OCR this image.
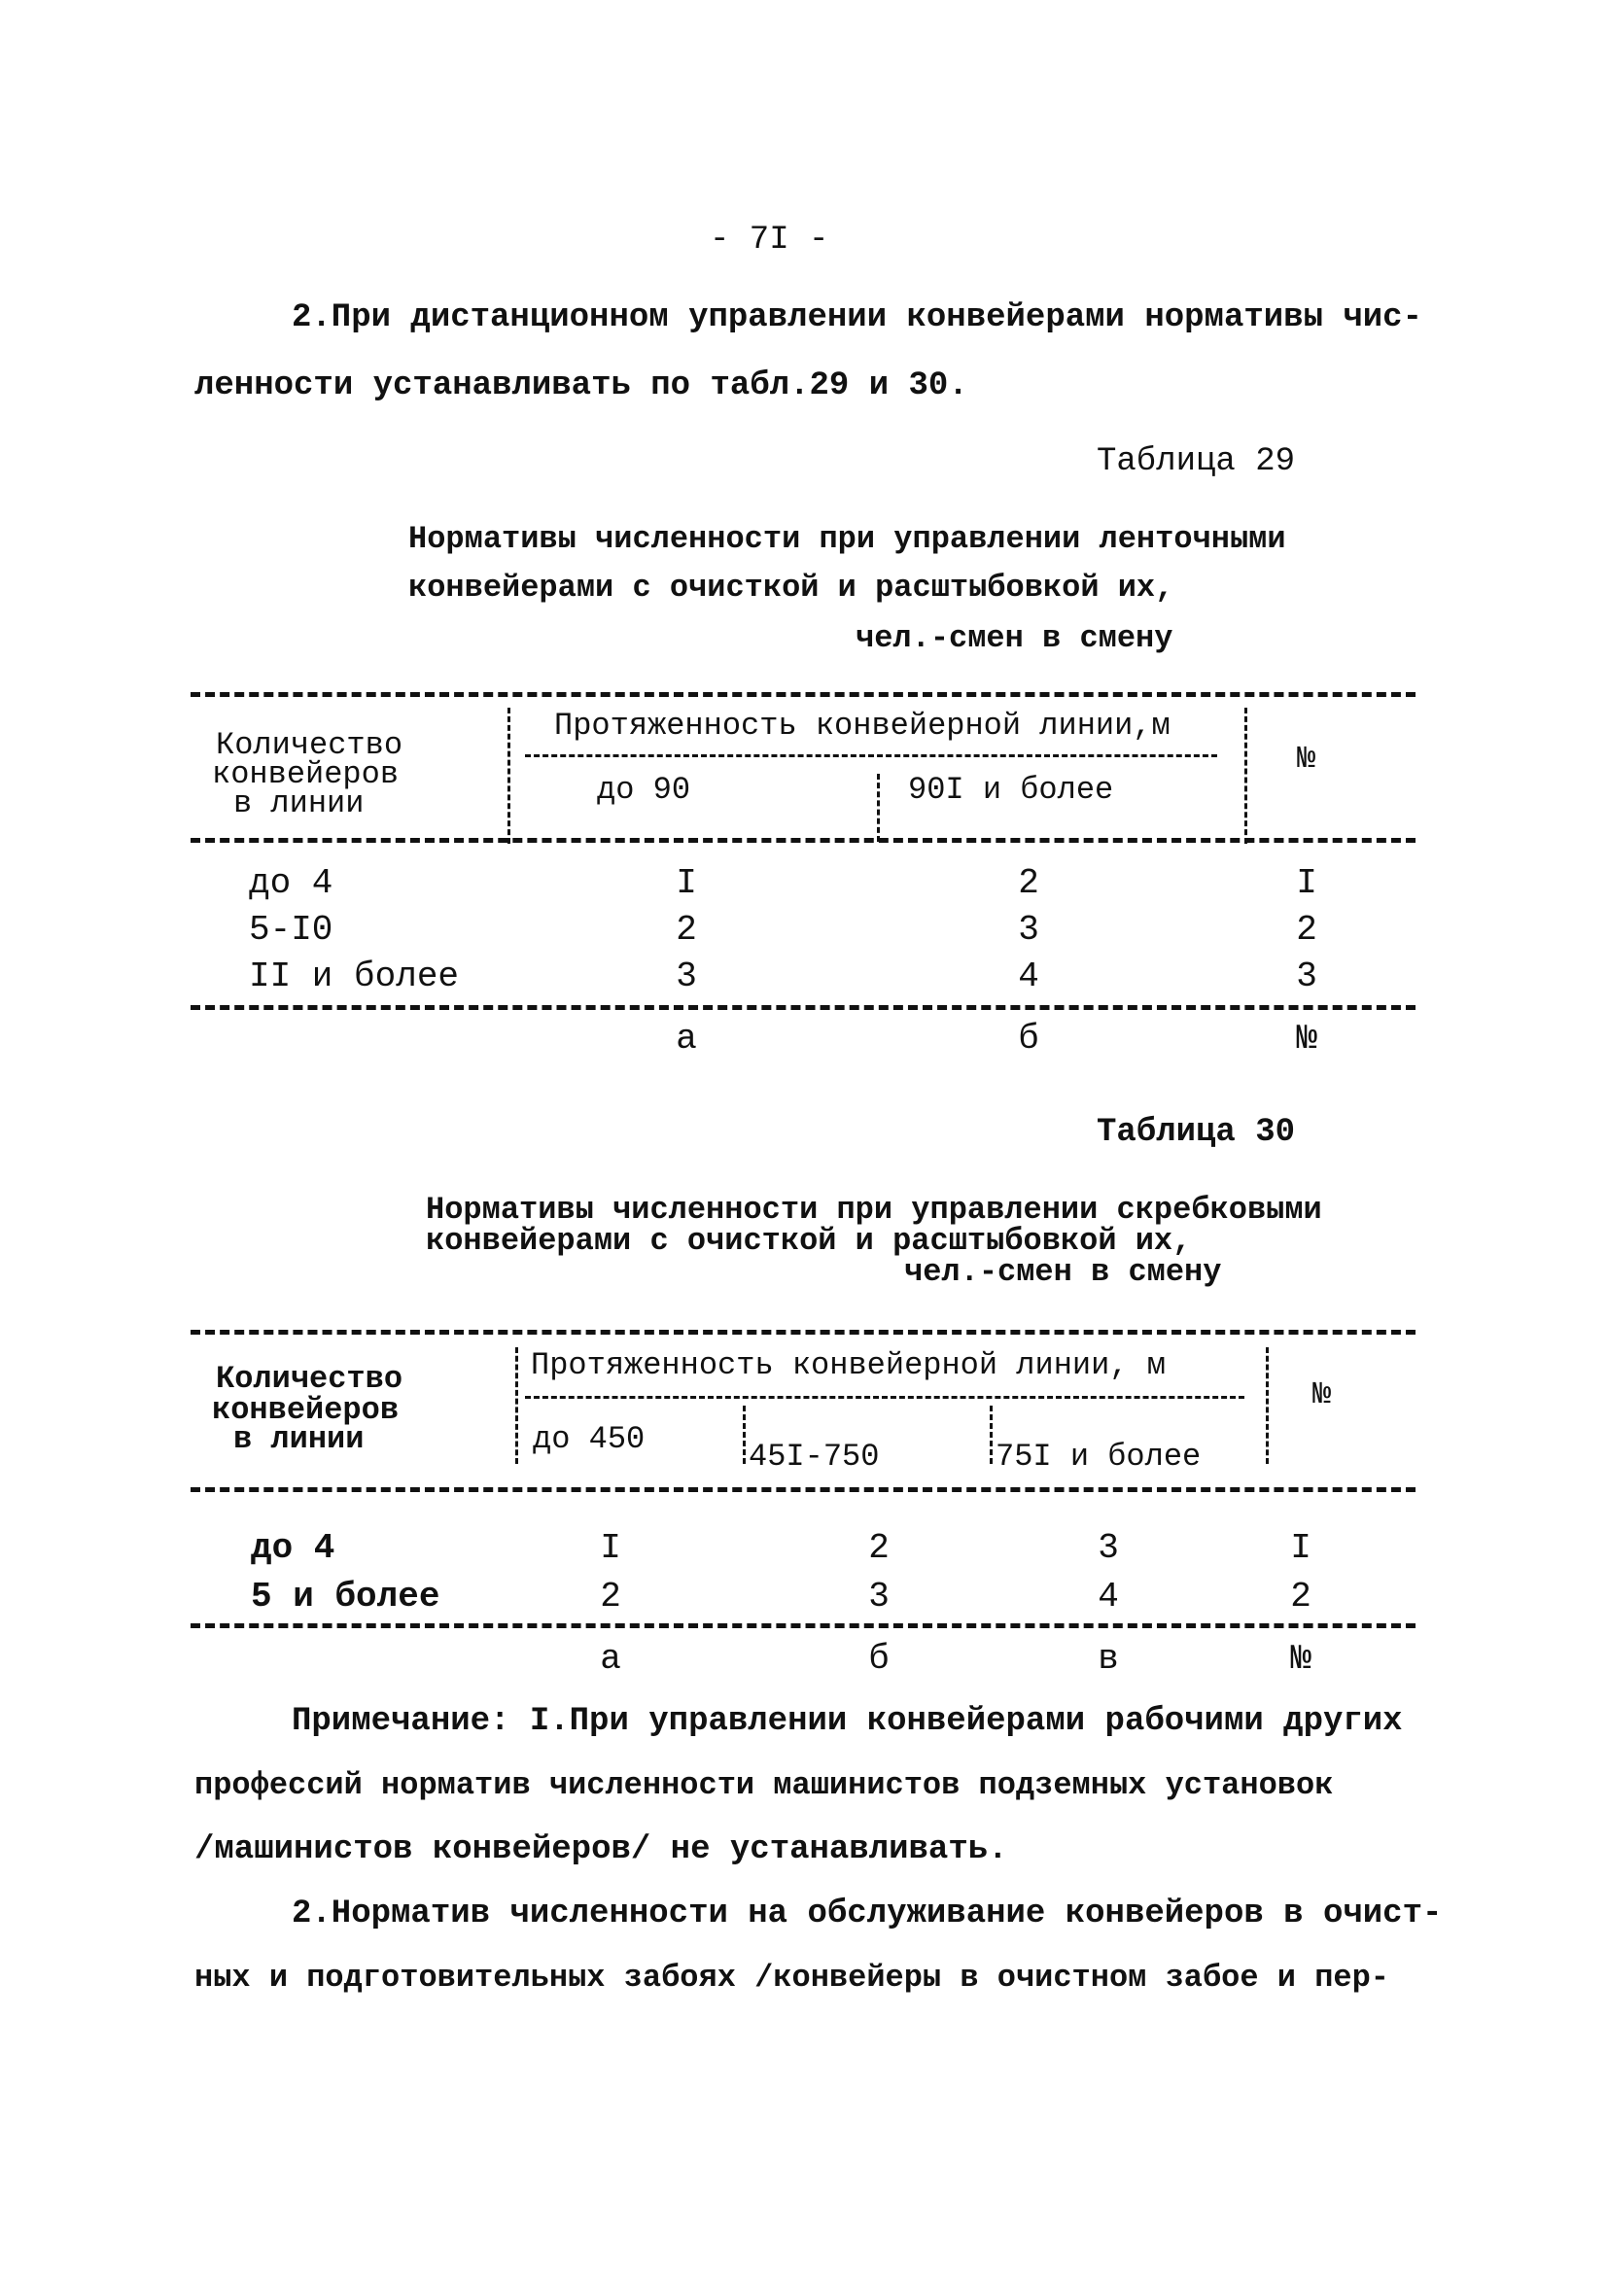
- 7I -
2.При дистанционном управлении конвейерами нормативы чис-
ленности устанавливать по табл.29 и 30.
Таблица 29
Нормативы численности при управлении ленточными
конвейерами с очисткой и расштыбовкой их,
чел.-смен в смену
Количество
конвейеров
в линии
Протяженность конвейерной линии,м
до 90	90I и более
№
до 4	I	2	I
5-I0	2	3	2
II и более	3	4	3
а	б	№
Таблица 30
Нормативы численности при управлении скребковыми
конвейерами с очисткой и расштыбовкой их,
чел.-смен в смену
Количество
конвейеров
в линии
Протяженность конвейерной линии, м
до 450	45I-750	75I и более
№
до 4	I	2	3	I
5 и более	2	3	4	2
а	б	в	№
Примечание: I.При управлении конвейерами рабочими других
профессий норматив численности машинистов подземных установок
/машинистов конвейеров/ не устанавливать.
2.Норматив численности на обслуживание конвейеров в очист-
ных и подготовительных забоях /конвейеры в очистном забое и пер-
